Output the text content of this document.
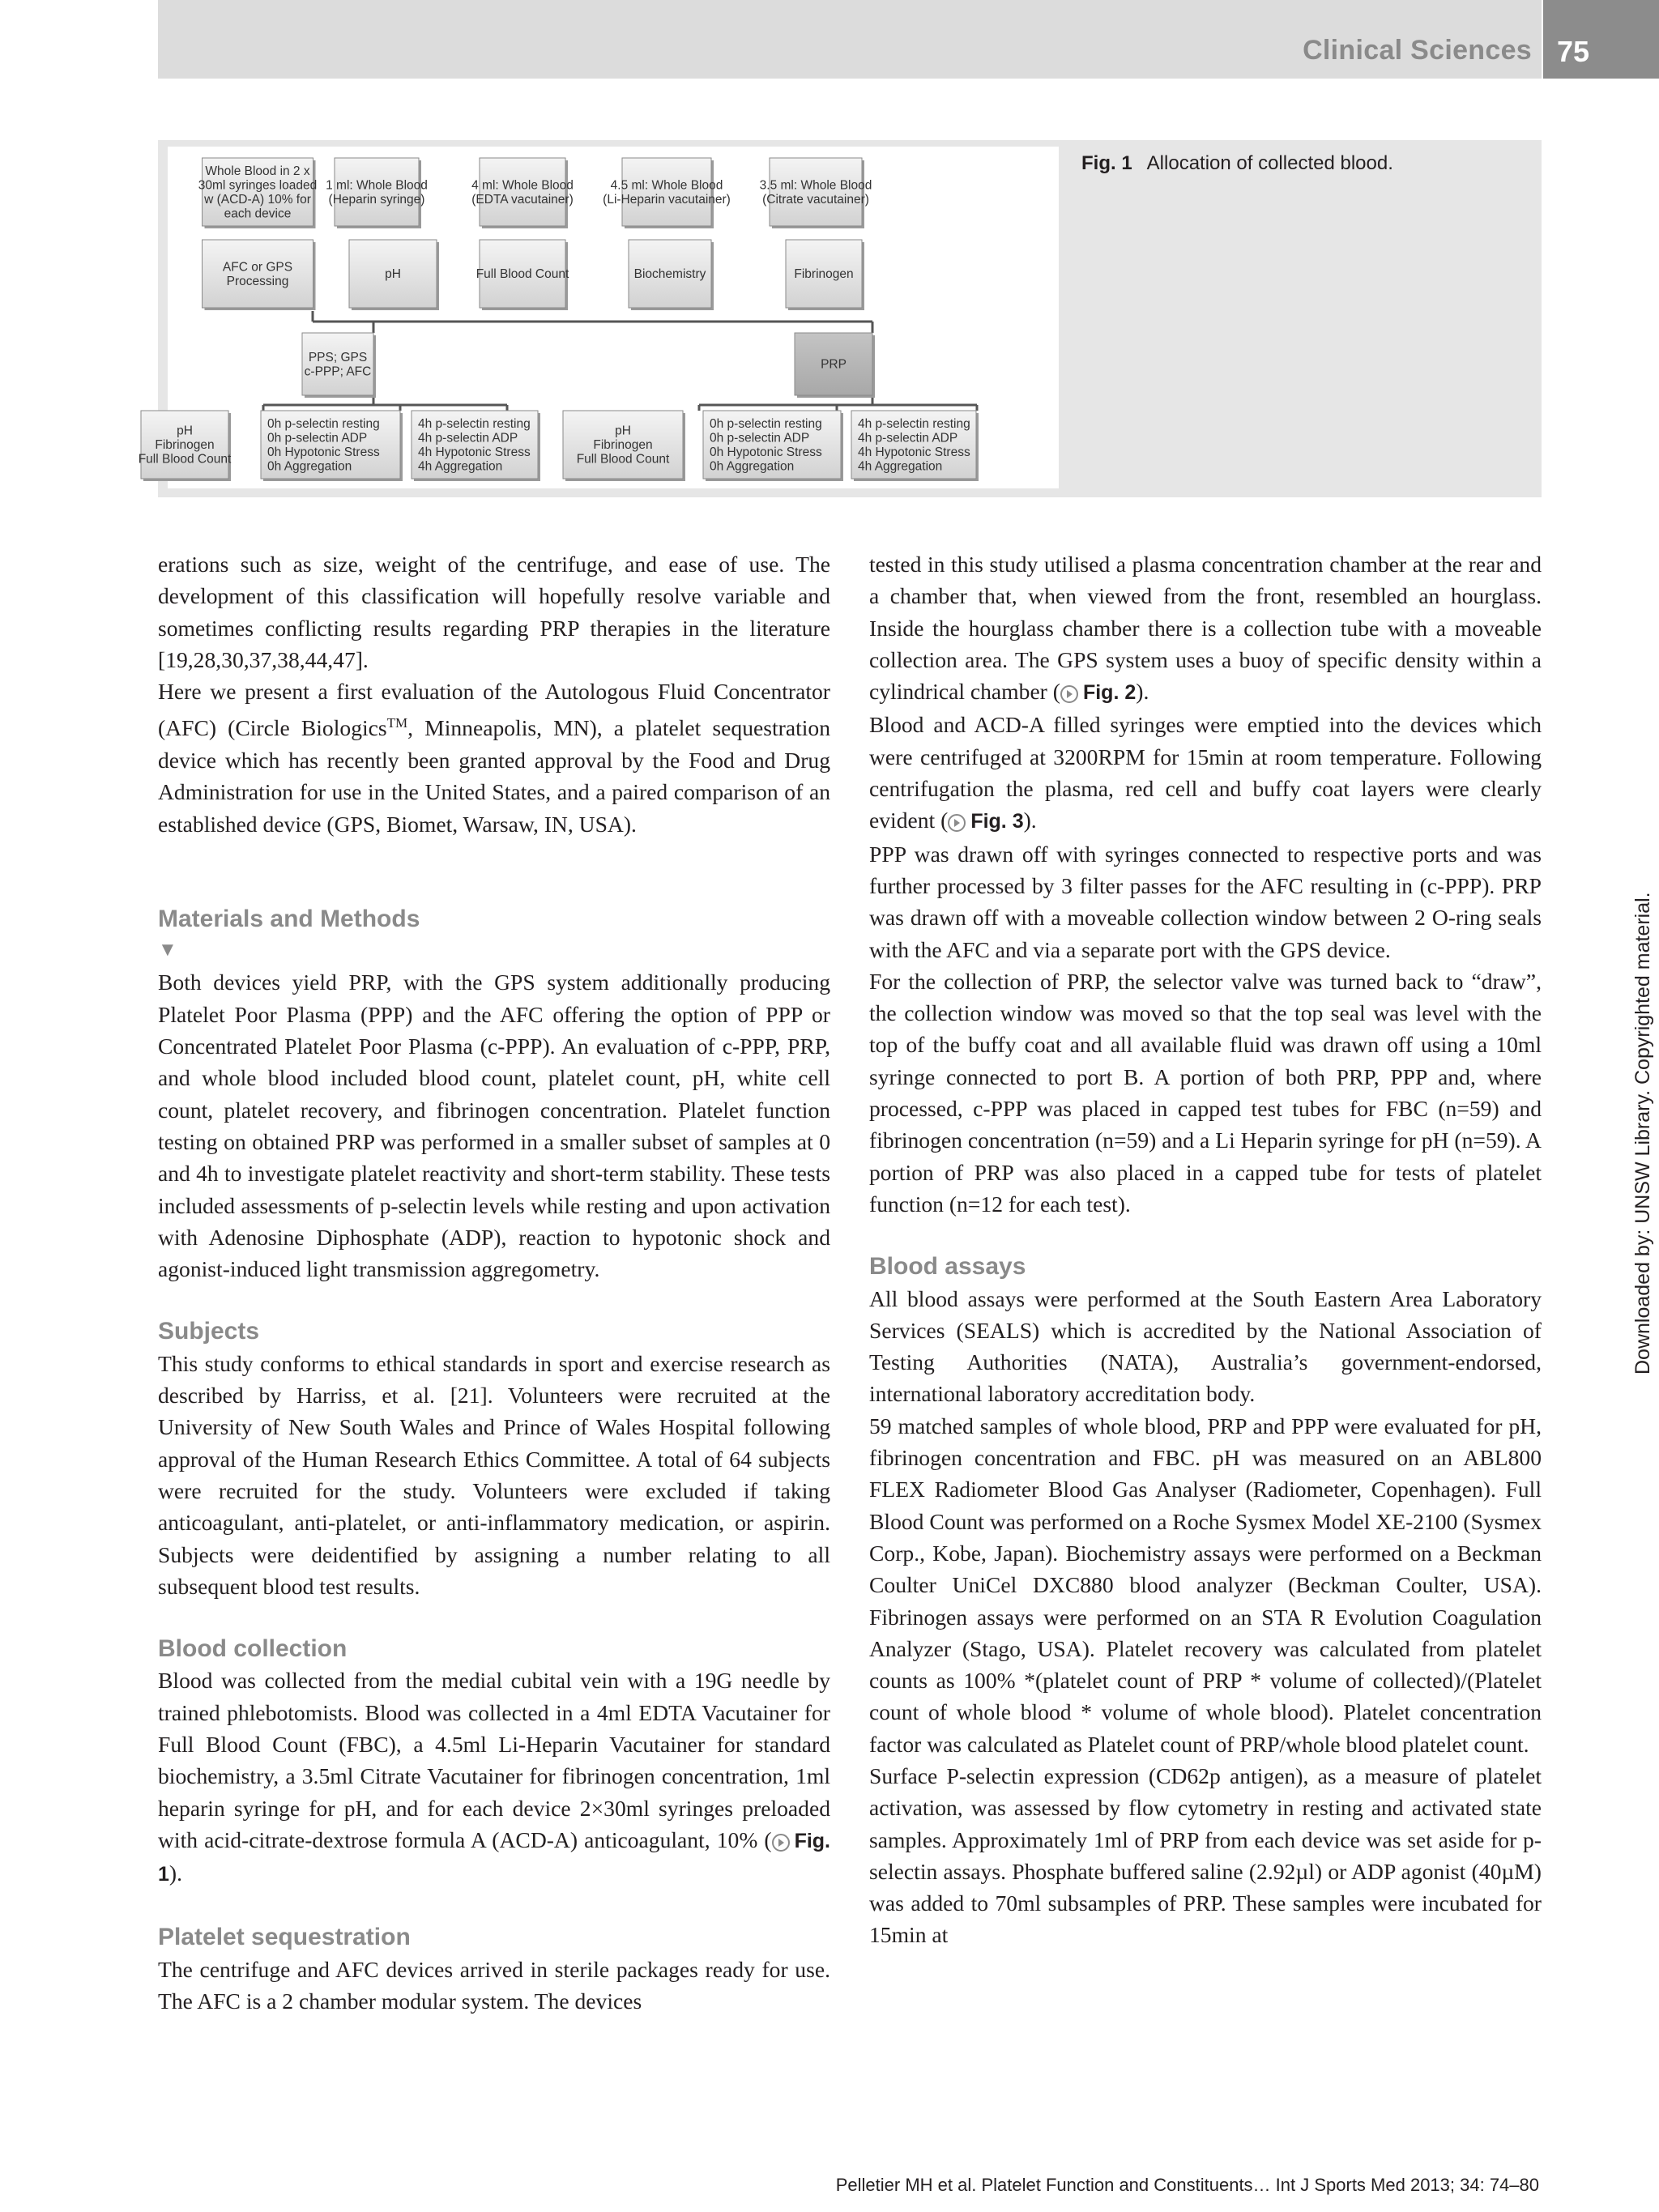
Clinical Sciences 75
Fig. 1 Allocation of collected blood.
Whole Blood in 2 x
30ml syringes loaded
w (ACD-A) 10% for
each device
1 ml: Whole Blood
(Heparin syringe)
4 ml: Whole Blood
(EDTA vacutainer)
4.5 ml: Whole Blood
(Li-Heparin vacutainer)
3.5 ml: Whole Blood
(Citrate vacutainer)
AFC or GPS
Processing
pH	Full Blood Count	Biochemistry	Fibrinogen
PPS; GPS
c-PPP; AFC
PRP
pH
Fibrinogen
Full Blood Count
0h p-selectin resting
0h p-selectin ADP
0h Hypotonic Stress
0h Aggregation
4h p-selectin resting
4h p-selectin ADP
4h Hypotonic Stress
4h Aggregation
pH
Fibrinogen
Full Blood Count
0h p-selectin resting
0h p-selectin ADP
0h Hypotonic Stress
0h Aggregation
4h p-selectin resting
4h p-selectin ADP
4h Hypotonic Stress
4h Aggregation

erations such as size, weight of the centrifuge, and ease of use. The development of this classification will hopefully resolve variable and sometimes conflicting results regarding PRP therapies in the literature [19,28,30,37,38,44,47].

Here we present a first evaluation of the Autologous Fluid Concentrator (AFC) (Circle Biologics™, Minneapolis, MN), a platelet sequestration device which has recently been granted approval by the Food and Drug Administration for use in the United States, and a paired comparison of an established device (GPS, Biomet, Warsaw, IN, USA).

Materials and Methods
▼

Both devices yield PRP, with the GPS system additionally producing Platelet Poor Plasma (PPP) and the AFC offering the option of PPP or Concentrated Platelet Poor Plasma (c-PPP). An evaluation of c-PPP, PRP, and whole blood included blood count, platelet count, pH, white cell count, platelet recovery, and fibrinogen concentration. Platelet function testing on obtained PRP was performed in a smaller subset of samples at 0 and 4h to investigate platelet reactivity and short-term stability. These tests included assessments of p-selectin levels while resting and upon activation with Adenosine Diphosphate (ADP), reaction to hypotonic shock and agonist-induced light transmission aggregometry.

Subjects

This study conforms to ethical standards in sport and exercise research as described by Harriss, et al. [21]. Volunteers were recruited at the University of New South Wales and Prince of Wales Hospital following approval of the Human Research Ethics Committee. A total of 64 subjects were recruited for the study. Volunteers were excluded if taking anticoagulant, anti-platelet, or anti-inflammatory medication, or aspirin. Subjects were deidentified by assigning a number relating to all subsequent blood test results.

Blood collection

Blood was collected from the medial cubital vein with a 19G needle by trained phlebotomists. Blood was collected in a 4ml EDTA Vacutainer for Full Blood Count (FBC), a 4.5ml Li-Heparin Vacutainer for standard biochemistry, a 3.5ml Citrate Vacutainer for fibrinogen concentration, 1ml heparin syringe for pH, and for each device 2×30ml syringes preloaded with acid-citrate-dextrose formula A (ACD-A) anticoagulant, 10% ( Fig. 1).

Platelet sequestration

The centrifuge and AFC devices arrived in sterile packages ready for use. The AFC is a 2 chamber modular system. The devices

tested in this study utilised a plasma concentration chamber at the rear and a chamber that, when viewed from the front, resembled an hourglass. Inside the hourglass chamber there is a collection tube with a moveable collection area. The GPS system uses a buoy of specific density within a cylindrical chamber ( Fig. 2).

Blood and ACD-A filled syringes were emptied into the devices which were centrifuged at 3200RPM for 15min at room temperature. Following centrifugation the plasma, red cell and buffy coat layers were clearly evident ( Fig. 3).

PPP was drawn off with syringes connected to respective ports and was further processed by 3 filter passes for the AFC resulting in (c-PPP). PRP was drawn off with a moveable collection window between 2 O-ring seals with the AFC and via a separate port with the GPS device.

For the collection of PRP, the selector valve was turned back to “draw”, the collection window was moved so that the top seal was level with the top of the buffy coat and all available fluid was drawn off using a 10ml syringe connected to port B. A portion of both PRP, PPP and, where processed, c-PPP was placed in capped test tubes for FBC (n=59) and fibrinogen concentration (n=59) and a Li Heparin syringe for pH (n=59). A portion of PRP was also placed in a capped tube for tests of platelet function (n=12 for each test).

Blood assays

All blood assays were performed at the South Eastern Area Laboratory Services (SEALS) which is accredited by the National Association of Testing Authorities (NATA), Australia’s government-endorsed, international laboratory accreditation body.

59 matched samples of whole blood, PRP and PPP were evaluated for pH, fibrinogen concentration and FBC. pH was measured on an ABL800 FLEX Radiometer Blood Gas Analyser (Radiometer, Copenhagen). Full Blood Count was performed on a Roche Sysmex Model XE-2100 (Sysmex Corp., Kobe, Japan). Biochemistry assays were performed on a Beckman Coulter UniCel DXC880 blood analyzer (Beckman Coulter, USA). Fibrinogen assays were performed on an STA R Evolution Coagulation Analyzer (Stago, USA). Platelet recovery was calculated from platelet counts as 100% *(platelet count of PRP * volume of collected)/(Platelet count of whole blood * volume of whole blood). Platelet concentration factor was calculated as Platelet count of PRP/whole blood platelet count.

Surface P-selectin expression (CD62p antigen), as a measure of platelet activation, was assessed by flow cytometry in resting and activated state samples. Approximately 1ml of PRP from each device was set aside for p-selectin assays. Phosphate buffered saline (2.92µl) or ADP agonist (40µM) was added to 70ml subsamples of PRP. These samples were incubated for 15min at

Downloaded by: UNSW Library. Copyrighted material.
Pelletier MH et al. Platelet Function and Constituents… Int J Sports Med 2013; 34: 74–80
